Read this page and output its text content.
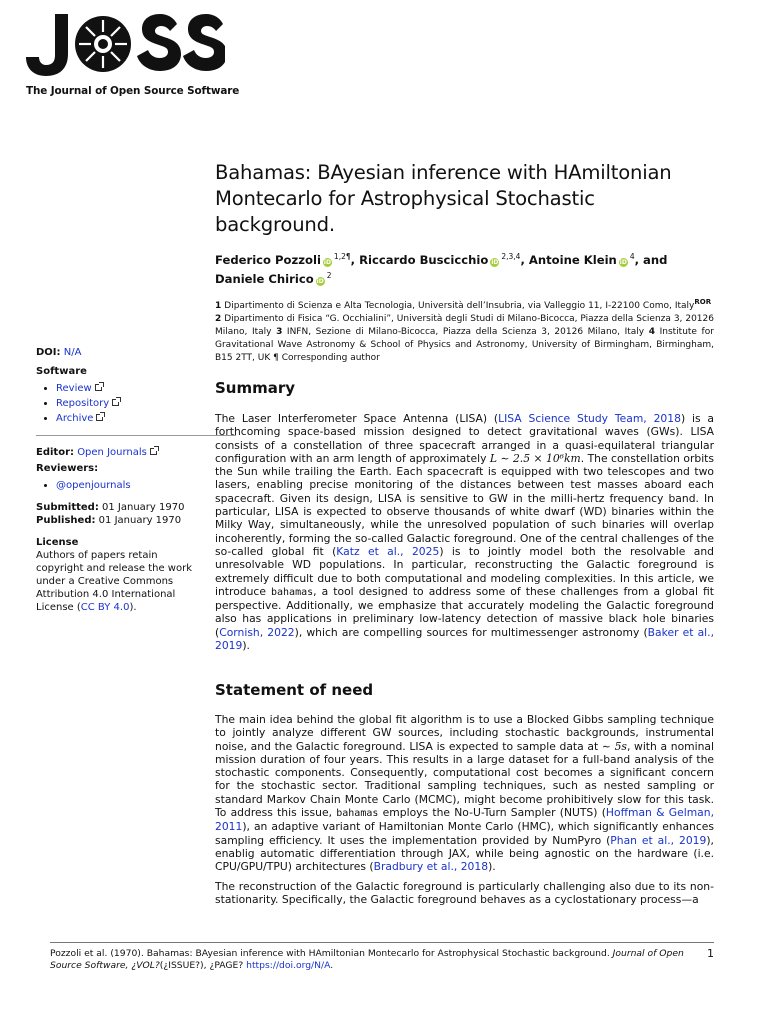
The Journal of Open Source Software
DOI: N/A
Software
• Review
• Repository
• Archive
Editor: Open Journals
Reviewers:
• @openjournals
Submitted: 01 January 1970
Published: 01 January 1970
License
Authors of papers retain copyright and release the work under a Creative Commons Attribution 4.0 International License (CC BY 4.0).
Bahamas: BAyesian inference with HAmiltonian Montecarlo for Astrophysical Stochastic background.
Federico Pozzoli $iD^{1,2\P}$, Riccardo Buscicchio iD$^{2,3,4}$, Antoine Klein $iD^4$, and Daniele Chirico $iD^2$

1 Dipartimento di Scienza e Alta Tecnologia, Università dell’Insubria, via Valleggio 11, I-22100 Como, ItalyROR  2 Dipartimento di Fisica “G. Occhialini”, Università degli Studi di Milano-Bicocca, Piazza della Scienza 3, 20126 Milano, Italy 3 INFN, Sezione di Milano-Bicocca, Piazza della Scienza 3, 20126 Milano, Italy 4 Institute for Gravitational Wave Astronomy & School of Physics and Astronomy, University of Birmingham, Birmingham, B15 2TT, UK ¶ Corresponding author

Summary

The Laser Interferometer Space Antenna (LISA) (LISA Science Study Team, 2018) is a forthcoming space-based mission designed to detect gravitational waves (GWs). LISA consists of a constellation of three spacecraft arranged in a quasi-equilateral triangular configuration with an arm length of approximately L ∼ 2.5 × 10⁶km. The constellation orbits the Sun while trailing the Earth. Each spacecraft is equipped with two telescopes and two lasers, enabling precise monitoring of the distances between test masses aboard each spacecraft. Given its design, LISA is sensitive to GW in the milli-hertz frequency band. In particular, LISA is expected to observe thousands of white dwarf (WD) binaries within the Milky Way, simultaneously, while the unresolved population of such binaries will overlap incoherently, forming the so-called Galactic foreground. One of the central challenges of the so-called global fit (Katz et al., 2025) is to jointly model both the resolvable and unresolvable WD populations. In particular, reconstructing the Galactic foreground is extremely difficult due to both computational and modeling complexities. In this article, we introduce bahamas, a tool designed to address some of these challenges from a global fit perspective. Additionally, we emphasize that accurately modeling the Galactic foreground also has applications in preliminary low-latency detection of massive black hole binaries (Cornish, 2022), which are compelling sources for multimessenger astronomy (Baker et al., 2019).

Statement of need

The main idea behind the global fit algorithm is to use a Blocked Gibbs sampling technique to jointly analyze different GW sources, including stochastic backgrounds, instrumental noise, and the Galactic foreground. LISA is expected to sample data at ∼ 5s, with a nominal mission duration of four years. This results in a large dataset for a full-band analysis of the stochastic components. Consequently, computational cost becomes a significant concern for the stochastic sector. Traditional sampling techniques, such as nested sampling or standard Markov Chain Monte Carlo (MCMC), might become prohibitively slow for this task. To address this issue, bahamas employs the No-U-Turn Sampler (NUTS) (Hoffman & Gelman, 2011), an adaptive variant of Hamiltonian Monte Carlo (HMC), which significantly enhances sampling efficiency. It uses the implementation provided by NumPyro (Phan et al., 2019), enablig automatic differentiation through JAX, while being agnostic on the hardware (i.e. CPU/GPU/TPU) architectures (Bradbury et al., 2018).

The reconstruction of the Galactic foreground is particularly challenging also due to its non-stationarity. Specifically, the Galactic foreground behaves as a cyclostationary process—a

Pozzoli et al. (1970). Bahamas: BAyesian inference with HAmiltonian Montecarlo for Astrophysical Stochastic background. Journal of Open Source Software, ¿VOL?(¿ISSUE?), ¿PAGE? https://doi.org/N/A.
1
